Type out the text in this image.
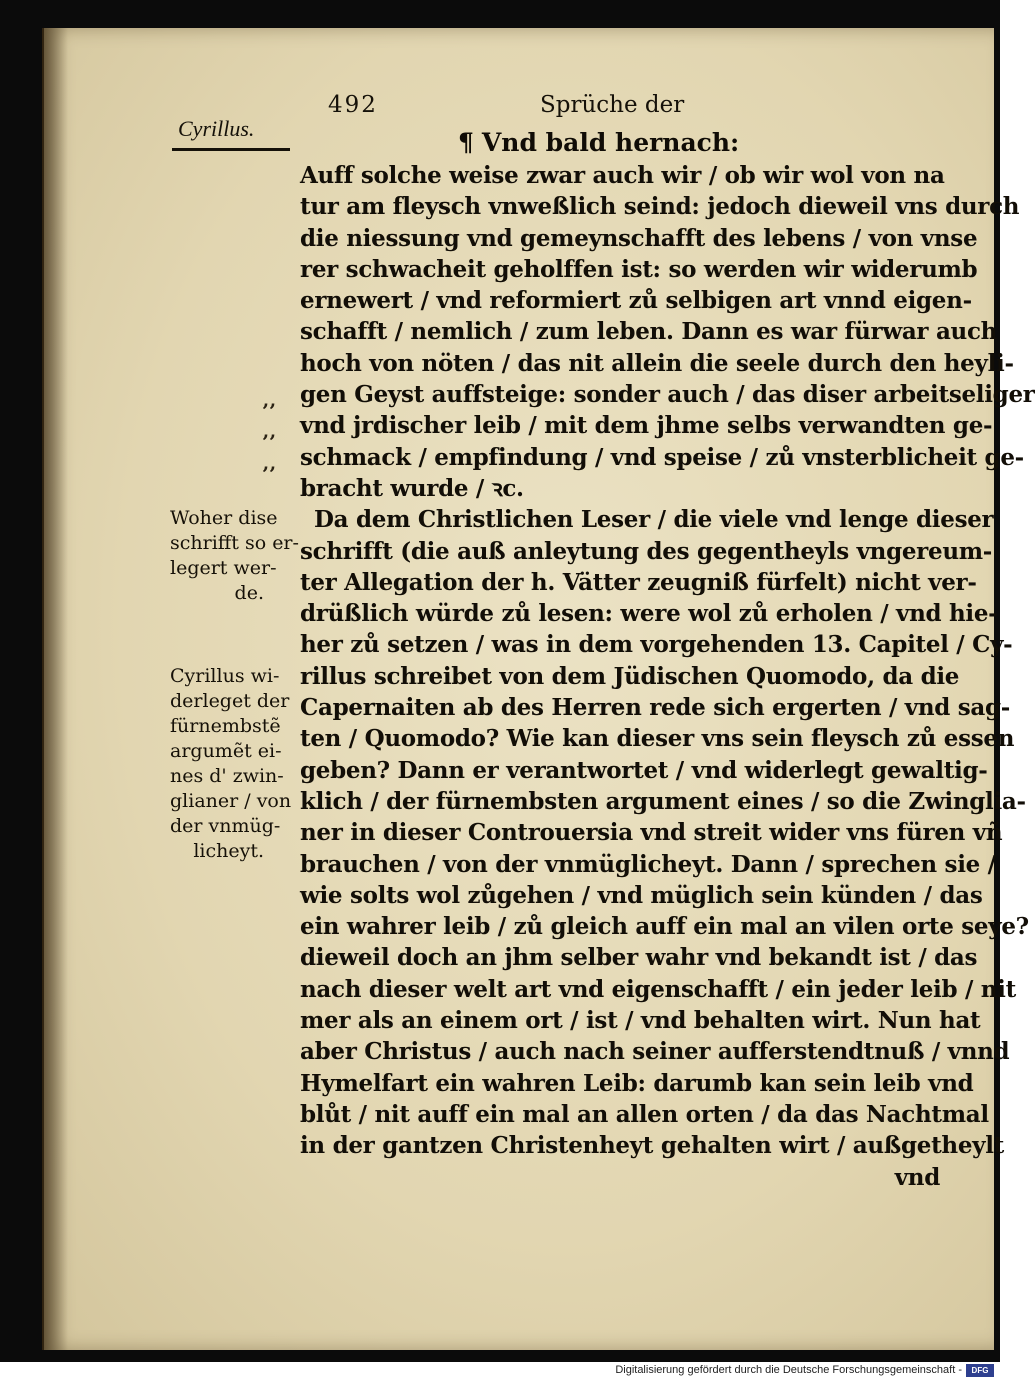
492	Sprüche der
Cyrillus.	¶ Vnd bald hernach:
Auff solche weise zwar auch wir / ob wir wol von na
tur am fleysch vnweßlich seind: jedoch dieweil vns durch
die niessung vnd gemeynschafft des lebens / von vnse
rer schwacheit geholffen ist: so werden wir widerumb
ernewert / vnd reformiert zů selbigen art vnnd eigen-
schafft / nemlich / zum leben. Dann es war fürwar auch
hoch von nöten / das nit allein die seele durch den heyli-
gen Geyst auffsteige: sonder auch / das diser arbeitseliger
vnd jrdischer leib / mit dem jhme selbs verwandten ge-
schmack / empfindung / vnd speise / zů vnsterblicheit ge-
bracht wurde / ꝛc.
Da dem Christlichen Leser / die viele vnd lenge dieser
schrifft (die auß anleytung des gegentheyls vngereum-
ter Allegation der h. Vätter zeugniß fürfelt) nicht ver-
drüßlich würde zů lesen: were wol zů erholen / vnd hie-
her zů setzen / was in dem vorgehenden 13. Capitel / Cy-
rillus schreibet von dem Jüdischen Quomodo, da die
Capernaiten ab des Herren rede sich ergerten / vnd sag-
ten / Quomodo? Wie kan dieser vns sein fleysch zů essen
geben? Dann er verantwortet / vnd widerlegt gewaltig-
klich / der fürnembsten argument eines / so die Zwinglia-
ner in dieser Controuersia vnd streit wider vns füren vñ
brauchen / von der vnmüglicheyt. Dann / sprechen sie /
wie solts wol zůgehen / vnd müglich sein künden / das
ein wahrer leib / zů gleich auff ein mal an vilen orte seye?
dieweil doch an jhm selber wahr vnd bekandt ist / das
nach dieser welt art vnd eigenschafft / ein jeder leib / nit
mer als an einem ort / ist / vnd behalten wirt. Nun hat
aber Christus / auch nach seiner aufferstendtnuß / vnnd
Hymelfart ein wahren Leib: darumb kan sein leib vnd
blůt / nit auff ein mal an allen orten / da das Nachtmal
in der gantzen Christenheyt gehalten wirt / außgetheylt
vnd
’’
’’
’’
Woher dise
schrifft so er-
legert wer-
de.
Cyrillus wi-
derleget der
fürnembstẽ
argumẽt ei-
nes d' zwin-
glianer / von
der vnmüg-
licheyt.
Digitalisierung gefördert durch die Deutsche Forschungsgemeinschaft -	DFG
